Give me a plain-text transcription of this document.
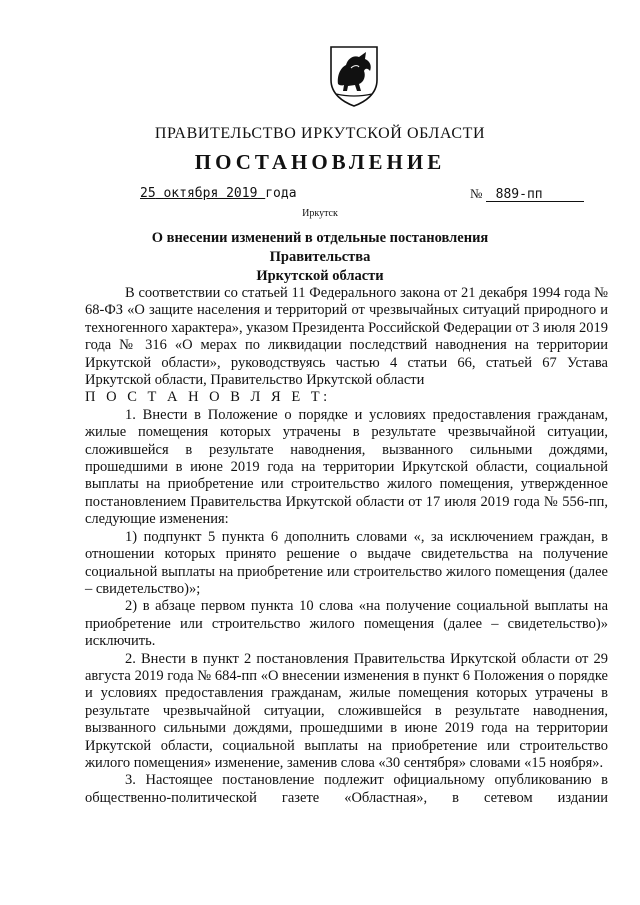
ПРАВИТЕЛЬСТВО ИРКУТСКОЙ ОБЛАСТИ
ПОСТАНОВЛЕНИЕ
25 октября 2019 года	№ 889-пп
Иркутск
О внесении изменений в отдельные постановления Правительства
Иркутской области

В соответствии со статьей 11 Федерального закона от 21 декабря 1994 года № 68-ФЗ «О защите населения и территорий от чрезвычайных ситуаций природного и техногенного характера», указом Президента Российской Федерации от 3 июля 2019 года № 316 «О мерах по ликвидации последствий наводнения на территории Иркутской области», руководствуясь частью 4 статьи 66, статьей 67 Устава Иркутской области, Правительство Иркутской области

П О С Т А Н О В Л Я Е Т:

1. Внести в Положение о порядке и условиях предоставления гражданам, жилые помещения которых утрачены в результате чрезвычайной ситуации, сложившейся в результате наводнения, вызванного сильными дождями, прошедшими в июне 2019 года на территории Иркутской области, социальной выплаты на приобретение или строительство жилого помещения, утвержденное постановлением Правительства Иркутской области от 17 июля 2019 года № 556-пп, следующие изменения:

1) подпункт 5 пункта 6 дополнить словами «, за исключением граждан, в отношении которых принято решение о выдаче свидетельства на получение социальной выплаты на приобретение или строительство жилого помещения (далее – свидетельство)»;

2) в абзаце первом пункта 10 слова «на получение социальной выплаты на приобретение или строительство жилого помещения (далее – свидетельство)» исключить.

2. Внести в пункт 2 постановления Правительства Иркутской области от 29 августа 2019 года № 684-пп «О внесении изменения в пункт 6 Положения о порядке и условиях предоставления гражданам, жилые помещения которых утрачены в результате чрезвычайной ситуации, сложившейся в результате наводнения, вызванного сильными дождями, прошедшими в июне 2019 года на территории Иркутской области, социальной выплаты на приобретение или строительство жилого помещения» изменение, заменив слова «30 сентября» словами «15 ноября».

3. Настоящее постановление подлежит официальному опубликованию в общественно-политической газете «Областная», в сетевом издании
